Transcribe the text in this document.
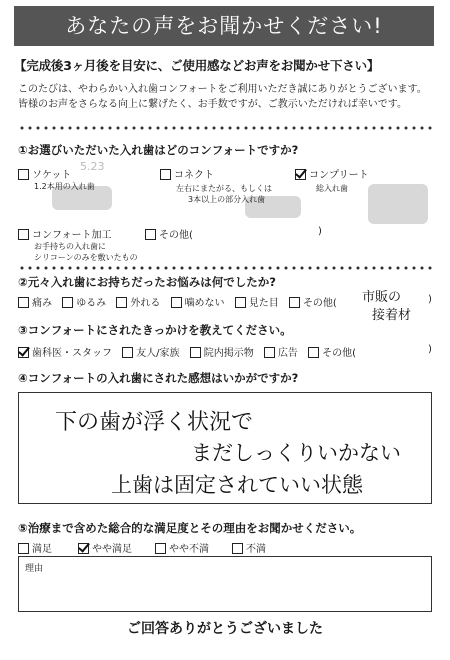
あなたの声をお聞かせください!
【完成後3ヶ月後を目安に、ご使用感などお声をお聞かせ下さい】
このたびは、やわらかい入れ歯コンフォートをご利用いただき誠にありがとうございます。
皆様のお声をさらなる向上に繋げたく、お手数ですが、ご教示いただければ幸いです。
①お選びいただいた入れ歯はどのコンフォートですか?
5.23
ソケット
1.2本用の入れ歯
コネクト
左右にまたがる、もしくは
3本以上の部分入れ歯
コンプリート
総入れ歯
コンフォート加工
お手持ちの入れ歯に
シリコーンのみを敷いたもの
その他(	)
②元々入れ歯にお持ちだったお悩みは何でしたか?
痛み ゆるみ 外れる 噛めない 見た目 その他(	)
市販の
接着材
③コンフォートにされたきっかけを教えてください。
歯科医・スタッフ 友人/家族 院内掲示物 広告 その他(	)
④コンフォートの入れ歯にされた感想はいかがですか?
下の歯が浮く状況で
まだしっくりいかない
上歯は固定されていい状態
⑤治療まで含めた総合的な満足度とその理由をお聞かせください。
満足	やや満足	やや不満	不満
理由
ご回答ありがとうございました
